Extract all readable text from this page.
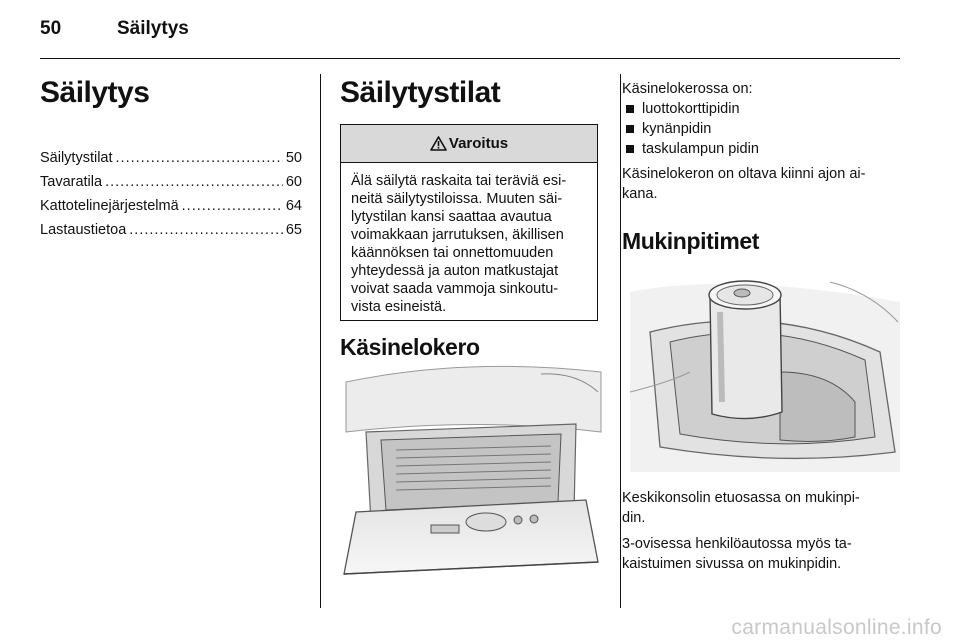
50	Säilytys
Säilytys
Säilytystilat .....	50
Tavaratila .....	60
Kattotelinejärjestelmä .....	64
Lastaustietoa .....	65
Säilytystilat
Varoitus
Älä säilytä raskaita tai teräviä esi-
neitä säilytystiloissa. Muuten säi-
lytystilan kansi saattaa avautua
voimakkaan jarrutuksen, äkillisen
käännöksen tai onnettomuuden
yhteydessä ja auton matkustajat
voivat saada vammoja sinkoutu-
vista esineistä.
Käsinelokero
Käsinelokerossa on:
luottokorttipidin
kynänpidin
taskulampun pidin
Käsinelokeron on oltava kiinni ajon ai-
kana.
Mukinpitimet
Keskikonsolin etuosassa on mukinpi-
din.
3-ovisessa henkilöautossa myös ta-
kaistuimen sivussa on mukinpidin.
carmanualsonline.info
